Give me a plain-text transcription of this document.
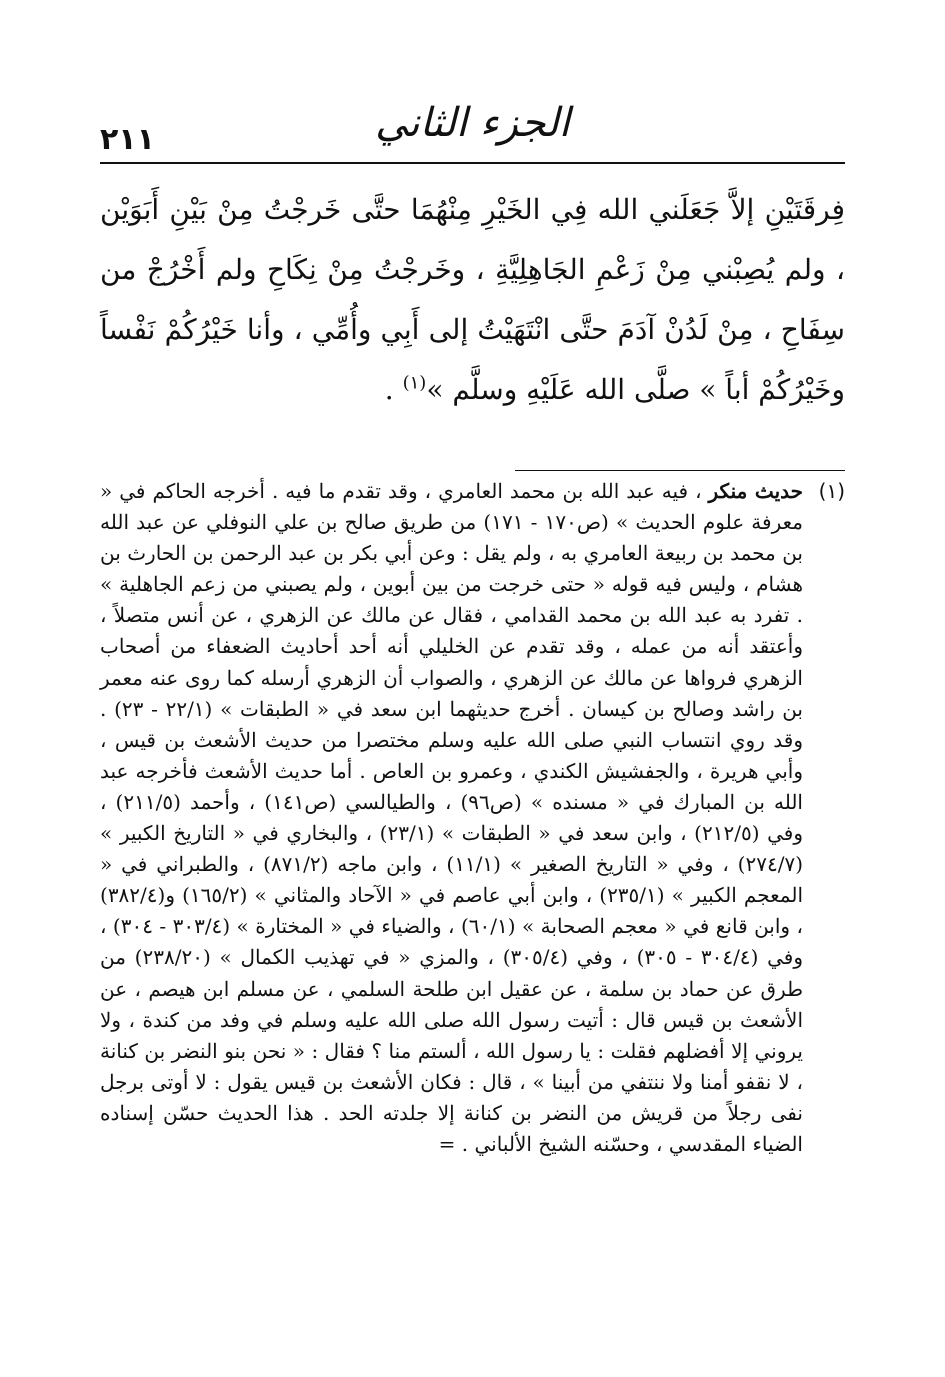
٢١١	الجزء الثاني
فِرقَتَيْنِ إلاَّ جَعَلَني الله فِي الخَيْرِ مِنْهُمَا حتَّى خَرجْتُ مِنْ بَيْنِ أَبَوَيْن ، ولم يُصِبْني مِنْ زَعْمِ الجَاهِلِيَّةِ ، وخَرجْتُ مِنْ نِكَاحِ ولم أَخْرُجْ من سِفَاحِ ، مِنْ لَدُنْ آدَمَ حتَّى انْتَهَيْتُ إلى أَبِي وأُمِّي ، وأنا خَيْرُكُمْ نَفْساً وخَيْرُكُمْ أباً » صلَّى الله عَلَيْهِ وسلَّم »$^{(١)}$ .
(١)
حديث منكر ، فيه عبد الله بن محمد العامري ، وقد تقدم ما فيه . أخرجه الحاكم في « معرفة علوم الحديث » (ص١٧٠ - ١٧١) من طريق صالح بن علي النوفلي عن عبد الله بن محمد بن ربيعة العامري به ، ولم يقل : وعن أبي بكر بن عبد الرحمن بن الحارث بن هشام ، وليس فيه قوله « حتى خرجت من بين أبوين ، ولم يصبني من زعم الجاهلية » . تفرد به عبد الله بن محمد القدامي ، فقال عن مالك عن الزهري ، عن أنس متصلاً ، وأعتقد أنه من عمله ، وقد تقدم عن الخليلي أنه أحد أحاديث الضعفاء من أصحاب الزهري فرواها عن مالك عن الزهري ، والصواب أن الزهري أرسله كما روى عنه معمر بن راشد وصالح بن كيسان . أخرج حديثهما ابن سعد في « الطبقات » (٢٢/١ - ٢٣) . وقد روي انتساب النبي صلى الله عليه وسلم مختصرا من حديث الأشعث بن قيس ، وأبي هريرة ، والجفشيش الكندي ، وعمرو بن العاص . أما حديث الأشعث فأخرجه عبد الله بن المبارك في « مسنده » (ص٩٦) ، والطيالسي (ص١٤١) ، وأحمد (٢١١/٥) ، وفي (٢١٢/٥) ، وابن سعد في « الطبقات » (٢٣/١) ، والبخاري في « التاريخ الكبير » (٢٧٤/٧) ، وفي « التاريخ الصغير » (١١/١) ، وابن ماجه (٨٧١/٢) ، والطبراني في « المعجم الكبير » (٢٣٥/١) ، وابن أبي عاصم في « الآحاد والمثاني » (١٦٥/٢) و(٣٨٢/٤) ، وابن قانع في « معجم الصحابة » (٦٠/١) ، والضياء في « المختارة » (٣٠٣/٤ - ٣٠٤) ، وفي (٣٠٤/٤ - ٣٠٥) ، وفي (٣٠٥/٤) ، والمزي « في تهذيب الكمال » (٢٣٨/٢٠) من طرق عن حماد بن سلمة ، عن عقيل ابن طلحة السلمي ، عن مسلم ابن هيصم ، عن الأشعث بن قيس قال : أتيت رسول الله صلى الله عليه وسلم في وفد من كندة ، ولا يروني إلا أفضلهم فقلت : يا رسول الله ، ألستم منا ؟ فقال : « نحن بنو النضر بن كنانة ، لا نقفو أمنا ولا ننتفي من أبينا » ، قال : فكان الأشعث بن قيس يقول : لا أوتى برجل نفى رجلاً من قريش من النضر بن كنانة إلا جلدته الحد . هذا الحديث حسّن إسناده الضياء المقدسي ، وحسّنه الشيخ الألباني . =
